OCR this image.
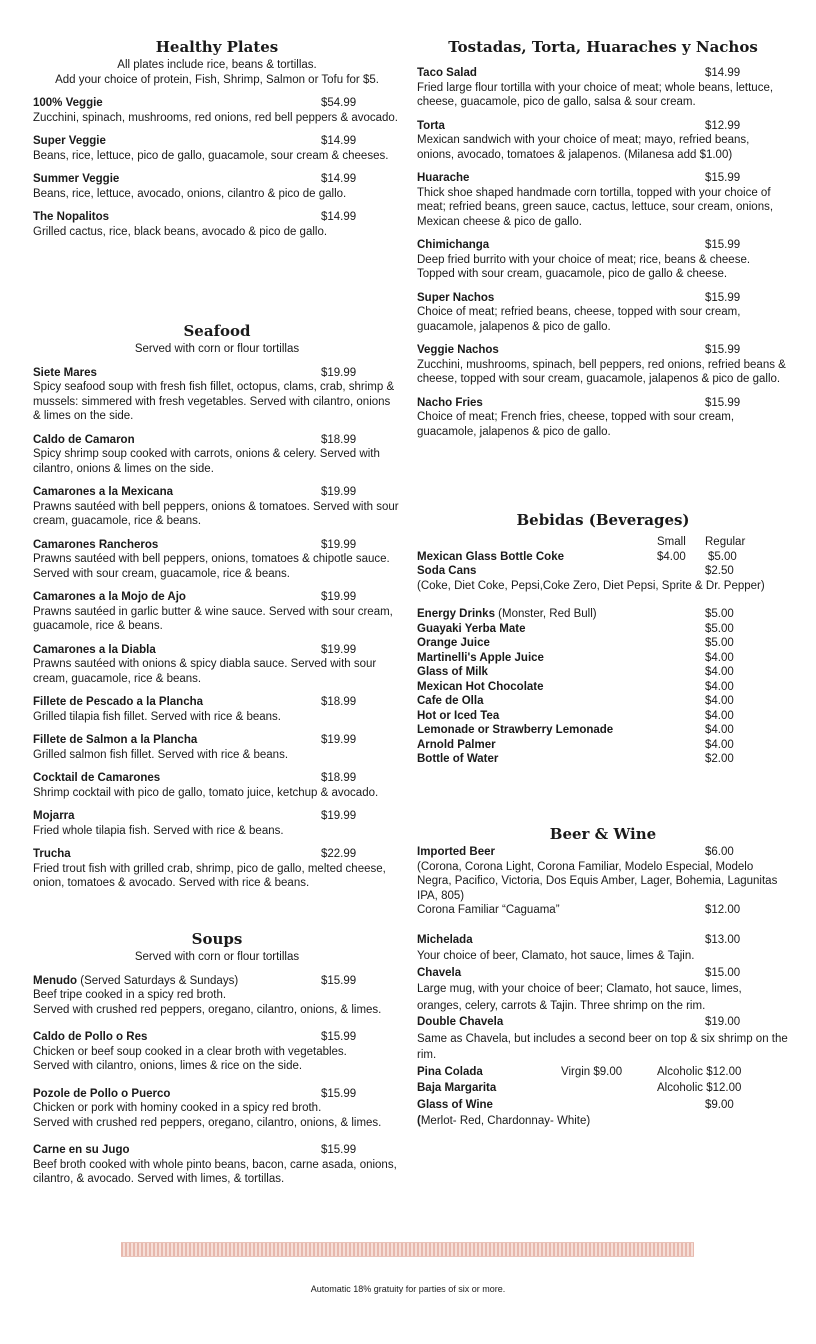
Healthy Plates
All plates include rice, beans & tortillas.
Add your choice of protein, Fish, Shrimp, Salmon or Tofu for $5.
100% Veggie	$54.99

Zucchini, spinach, mushrooms, red onions, red bell peppers & avocado.

Super Veggie	$14.99

Beans, rice, lettuce, pico de gallo, guacamole, sour cream & cheeses.

Summer Veggie	$14.99

Beans, rice, lettuce, avocado, onions, cilantro & pico de gallo.

The Nopalitos	$14.99

Grilled cactus, rice, black beans, avocado & pico de gallo.

Seafood
Served with corn or flour tortillas
Siete Mares	$19.99

Spicy seafood soup with fresh fish fillet, octopus, clams, crab, shrimp & mussels: simmered with fresh vegetables. Served with cilantro, onions & limes on the side.

Caldo de Camaron	$18.99

Spicy shrimp soup cooked with carrots, onions & celery. Served with cilantro, onions & limes on the side.

Camarones a la Mexicana	$19.99

Prawns sautéed with bell peppers, onions & tomatoes. Served with sour cream, guacamole, rice & beans.

Camarones Rancheros	$19.99

Prawns sautéed with bell peppers, onions, tomatoes & chipotle sauce. Served with sour cream, guacamole, rice & beans.

Camarones a la Mojo de Ajo	$19.99

Prawns sautéed in garlic butter & wine sauce. Served with sour cream, guacamole, rice & beans.

Camarones a la Diabla	$19.99

Prawns sautéed with onions & spicy diabla sauce. Served with sour cream, guacamole, rice & beans.

Fillete de Pescado a la Plancha	$18.99

Grilled tilapia fish fillet. Served with rice & beans.

Fillete de Salmon a la Plancha	$19.99

Grilled salmon fish fillet. Served with rice & beans.

Cocktail de Camarones	$18.99

Shrimp cocktail with pico de gallo, tomato juice, ketchup & avocado.

Mojarra	$19.99

Fried whole tilapia fish. Served with rice & beans.

Trucha	$22.99

Fried trout fish with grilled crab, shrimp, pico de gallo, melted cheese, onion, tomatoes & avocado. Served with rice & beans.

Soups
Served with corn or flour tortillas
Menudo (Served Saturdays & Sundays)	$15.99

Beef tripe cooked in a spicy red broth.

Served with crushed red peppers, oregano, cilantro, onions, & limes.

Caldo de Pollo o Res	$15.99

Chicken or beef soup cooked in a clear broth with vegetables.

Served with cilantro, onions, limes & rice on the side.

Pozole de Pollo o Puerco	$15.99

Chicken or pork with hominy cooked in a spicy red broth.

Served with crushed red peppers, oregano, cilantro, onions, & limes.

Carne en su Jugo	$15.99

Beef broth cooked with whole pinto beans, bacon, carne asada, onions, cilantro, & avocado. Served with limes, & tortillas.

Tostadas, Torta, Huaraches y Nachos
Taco Salad	$14.99

Fried large flour tortilla with your choice of meat; whole beans, lettuce, cheese, guacamole, pico de gallo, salsa & sour cream.

Torta	$12.99

Mexican sandwich with your choice of meat; mayo, refried beans, onions, avocado, tomatoes & jalapenos. (Milanesa add $1.00)

Huarache	$15.99

Thick shoe shaped handmade corn tortilla, topped with your choice of meat; refried beans, green sauce, cactus, lettuce, sour cream, onions, Mexican cheese & pico de gallo.

Chimichanga	$15.99

Deep fried burrito with your choice of meat; rice, beans & cheese. Topped with sour cream, guacamole, pico de gallo & cheese.

Super Nachos	$15.99

Choice of meat; refried beans, cheese, topped with sour cream, guacamole, jalapenos & pico de gallo.

Veggie Nachos	$15.99

Zucchini, mushrooms, spinach, bell peppers, red onions, refried beans & cheese, topped with sour cream, guacamole, jalapenos & pico de gallo.

Nacho Fries	$15.99

Choice of meat; French fries, cheese, topped with sour cream, guacamole, jalapenos & pico de gallo.

Bebidas (Beverages)
Small Regular
Mexican Glass Bottle Coke	$4.00 $5.00
Soda Cans	$2.50

(Coke, Diet Coke, Pepsi,Coke Zero, Diet Pepsi, Sprite & Dr. Pepper)

Energy Drinks (Monster, Red Bull)	$5.00
Guayaki Yerba Mate	$5.00
Orange Juice	$5.00
Martinelli's Apple Juice	$4.00
Glass of Milk	$4.00
Mexican Hot Chocolate	$4.00
Cafe de Olla	$4.00
Hot or Iced Tea	$4.00
Lemonade or Strawberry Lemonade	$4.00
Arnold Palmer	$4.00
Bottle of Water	$2.00
Beer & Wine
Imported Beer	$6.00

(Corona, Corona Light, Corona Familiar, Modelo Especial, Modelo Negra, Pacifico, Victoria, Dos Equis Amber, Lager, Bohemia, Lagunitas IPA, 805)

Corona Familiar “Caguama”	$12.00
Michelada	$13.00

Your choice of beer, Clamato, hot sauce, limes & Tajin.

Chavela	$15.00

Large mug, with your choice of beer; Clamato, hot sauce, limes, oranges, celery, carrots & Tajin. Three shrimp on the rim.

Double Chavela	$19.00

Same as Chavela, but includes a second beer on top & six shrimp on the rim.

Pina Colada	Virgin $9.00	Alcoholic $12.00
Baja Margarita	Alcoholic $12.00
Glass of Wine	$9.00

(Merlot- Red, Chardonnay- White)

Automatic 18% gratuity for parties of six or more.
